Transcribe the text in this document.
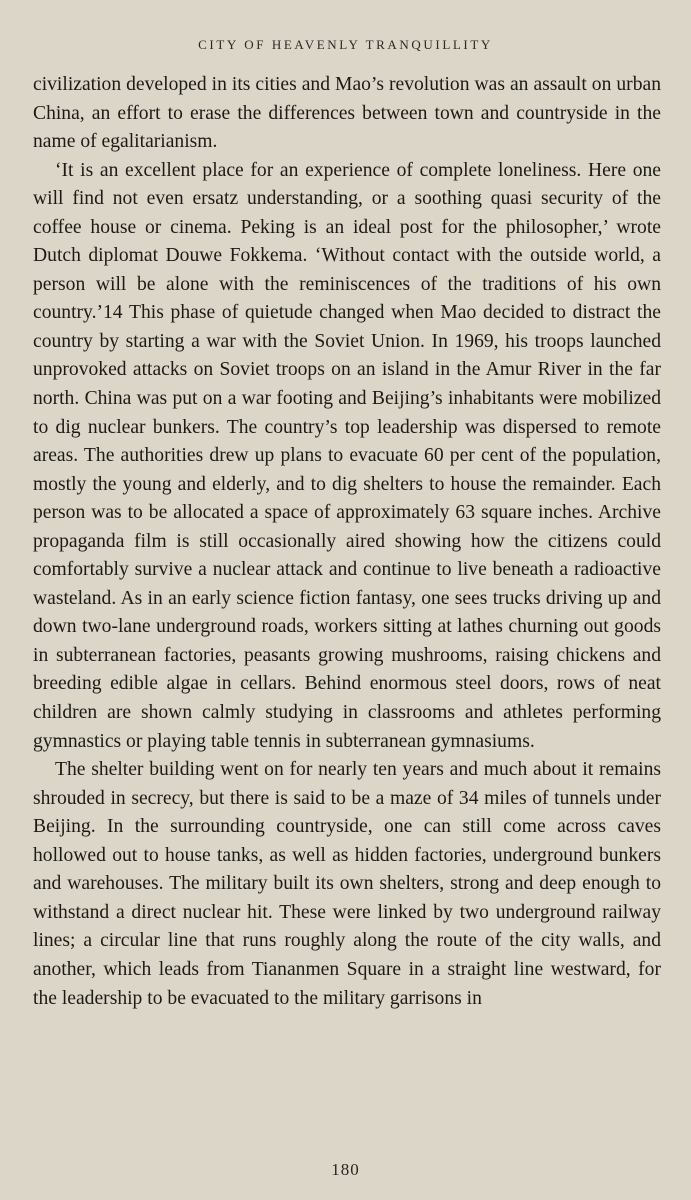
CITY OF HEAVENLY TRANQUILLITY

civilization developed in its cities and Mao’s revolution was an assault on urban China, an effort to erase the differences between town and countryside in the name of egalitarianism.

‘It is an excellent place for an experience of complete loneliness. Here one will find not even ersatz understanding, or a soothing quasi security of the coffee house or cinema. Peking is an ideal post for the philosopher,’ wrote Dutch diplomat Douwe Fokkema. ‘Without contact with the outside world, a person will be alone with the reminiscences of the traditions of his own country.’14 This phase of quietude changed when Mao decided to distract the country by starting a war with the Soviet Union. In 1969, his troops launched unprovoked attacks on Soviet troops on an island in the Amur River in the far north. China was put on a war footing and Beijing’s inhabitants were mobilized to dig nuclear bunkers. The country’s top leadership was dispersed to remote areas. The authorities drew up plans to evacuate 60 per cent of the population, mostly the young and elderly, and to dig shelters to house the remainder. Each person was to be allocated a space of approximately 63 square inches. Archive propaganda film is still occasionally aired showing how the citizens could comfortably survive a nuclear attack and continue to live beneath a radioactive wasteland. As in an early science fiction fantasy, one sees trucks driving up and down two-lane underground roads, workers sitting at lathes churning out goods in subterranean factories, peasants growing mushrooms, raising chickens and breeding edible algae in cellars. Behind enormous steel doors, rows of neat children are shown calmly studying in classrooms and athletes performing gymnastics or playing table tennis in subterranean gymnasiums.

The shelter building went on for nearly ten years and much about it remains shrouded in secrecy, but there is said to be a maze of 34 miles of tunnels under Beijing. In the surrounding countryside, one can still come across caves hollowed out to house tanks, as well as hidden factories, underground bunkers and warehouses. The military built its own shelters, strong and deep enough to withstand a direct nuclear hit. These were linked by two underground railway lines; a circular line that runs roughly along the route of the city walls, and another, which leads from Tiananmen Square in a straight line westward, for the leadership to be evacuated to the military garrisons in

180
